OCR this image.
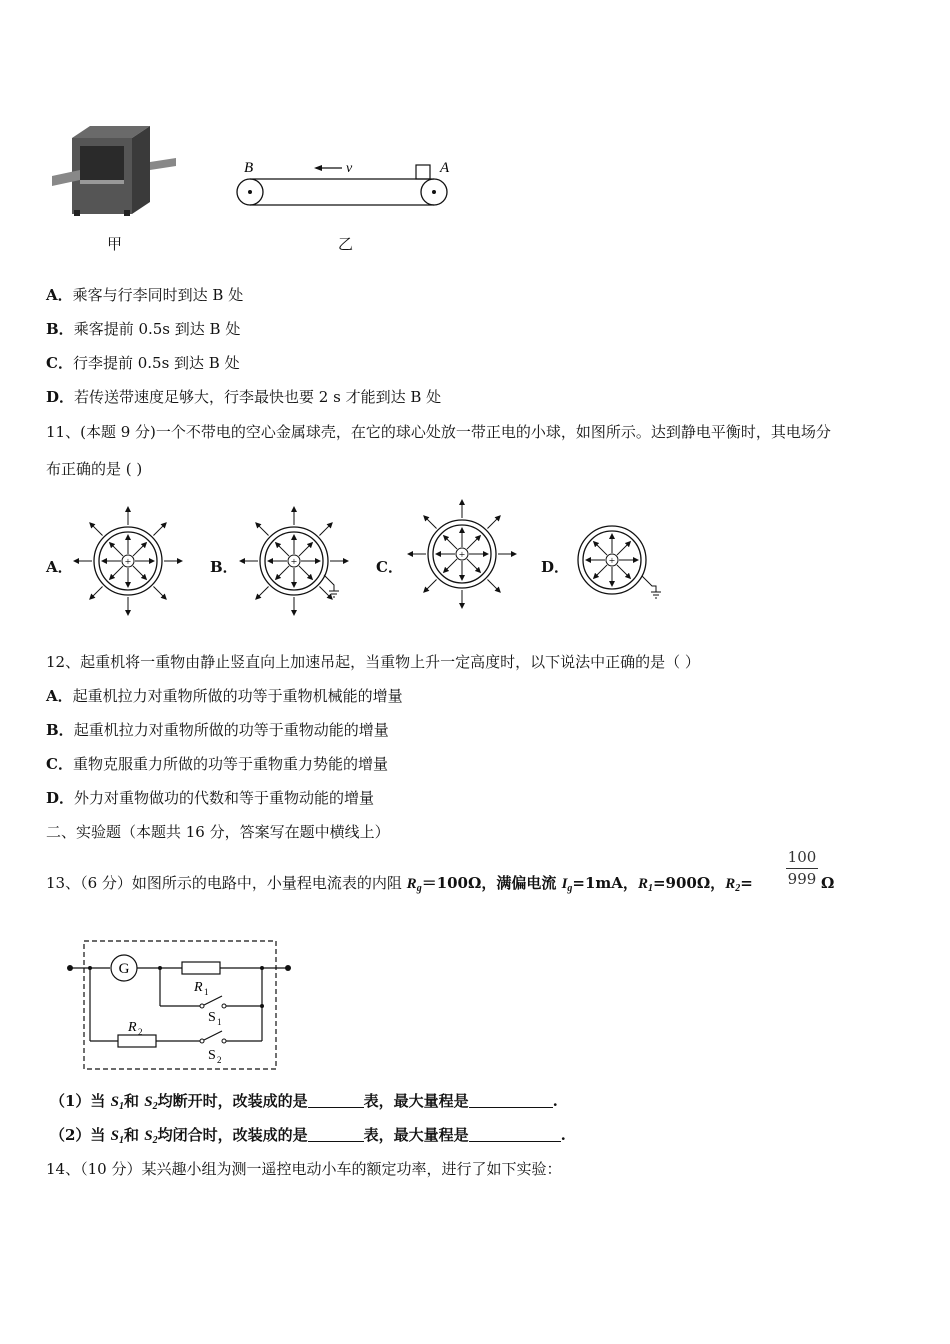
甲
B	A
v
乙
A．乘客与行李同时到达 B 处
B．乘客提前 0.5s 到达 B 处
C．行李提前 0.5s 到达 B 处
D．若传送带速度足够大，行李最快也要 2 s 才能到达 B 处
11、(本题 9 分)一个不带电的空心金属球壳，在它的球心处放一带正电的小球，如图所示。达到静电平衡时，其电场分
布正确的是 ( )
A．	B．	C．	D．
+	+
+	+
12、起重机将一重物由静止竖直向上加速吊起，当重物上升一定高度时，以下说法中正确的是（ ）
A．起重机拉力对重物所做的功等于重物机械能的增量
B．起重机拉力对重物所做的功等于重物动能的增量
C．重物克服重力所做的功等于重物重力势能的增量
D．外力对重物做功的代数和等于重物动能的增量
二、实验题（本题共 16 分，答案写在题中横线上）
13、（6 分）如图所示的电路中，小量程电流表的内阻 $R_g=100\Omega$，满偏电流 $I_g=1mA$，$R_1=900\Omega$，$R_2= \frac{100}{999}$ Ω
G
R 1
S 1
R 2
S 2
（1）当 $S_1$和 $S_2$均断开时，改装成的是	表，最大量程是	.
（2）当 $S_1$和 $S_2$均闭合时，改装成的是	表，最大量程是	.
14、（10 分）某兴趣小组为测一遥控电动小车的额定功率，进行了如下实验：
